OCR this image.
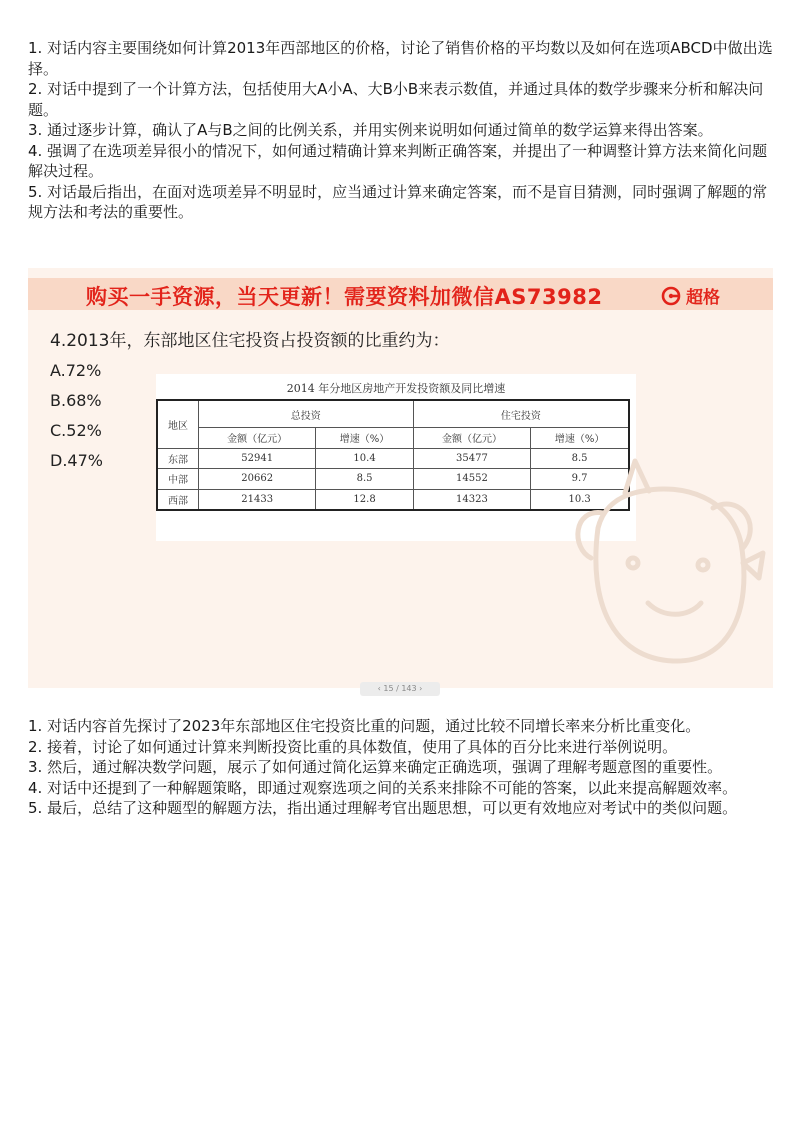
1. 对话内容主要围绕如何计算2013年西部地区的价格，讨论了销售价格的平均数以及如何在选项ABCD中做出选择。
2. 对话中提到了一个计算方法，包括使用大A小A、大B小B来表示数值，并通过具体的数学步骤来分析和解决问题。
3. 通过逐步计算，确认了A与B之间的比例关系，并用实例来说明如何通过简单的数学运算来得出答案。
4. 强调了在选项差异很小的情况下，如何通过精确计算来判断正确答案，并提出了一种调整计算方法来简化问题解决过程。
5. 对话最后指出，在面对选项差异不明显时，应当通过计算来确定答案，而不是盲目猜测，同时强调了解题的常规方法和考法的重要性。
购买一手资源，当天更新！需要资料加微信AS73982	超格
4.2013年，东部地区住宅投资占投资额的比重约为：
A.72%
B.68%
C.52%
D.47%
2014 年分地区房地产开发投资额及同比增速
地区	总投资		住宅投资	
	金额（亿元）	增速（%）	金额（亿元）	增速（%）
东部	52941	10.4	35477	8.5
中部	20662	8.5	14552	9.7
西部	21433	12.8	14323	10.3
‹ 15 / 143 ›
1. 对话内容首先探讨了2023年东部地区住宅投资比重的问题，通过比较不同增长率来分析比重变化。
2. 接着，讨论了如何通过计算来判断投资比重的具体数值，使用了具体的百分比来进行举例说明。
3. 然后，通过解决数学问题，展示了如何通过简化运算来确定正确选项，强调了理解考题意图的重要性。
4. 对话中还提到了一种解题策略，即通过观察选项之间的关系来排除不可能的答案，以此来提高解题效率。
5. 最后，总结了这种题型的解题方法，指出通过理解考官出题思想，可以更有效地应对考试中的类似问题。
